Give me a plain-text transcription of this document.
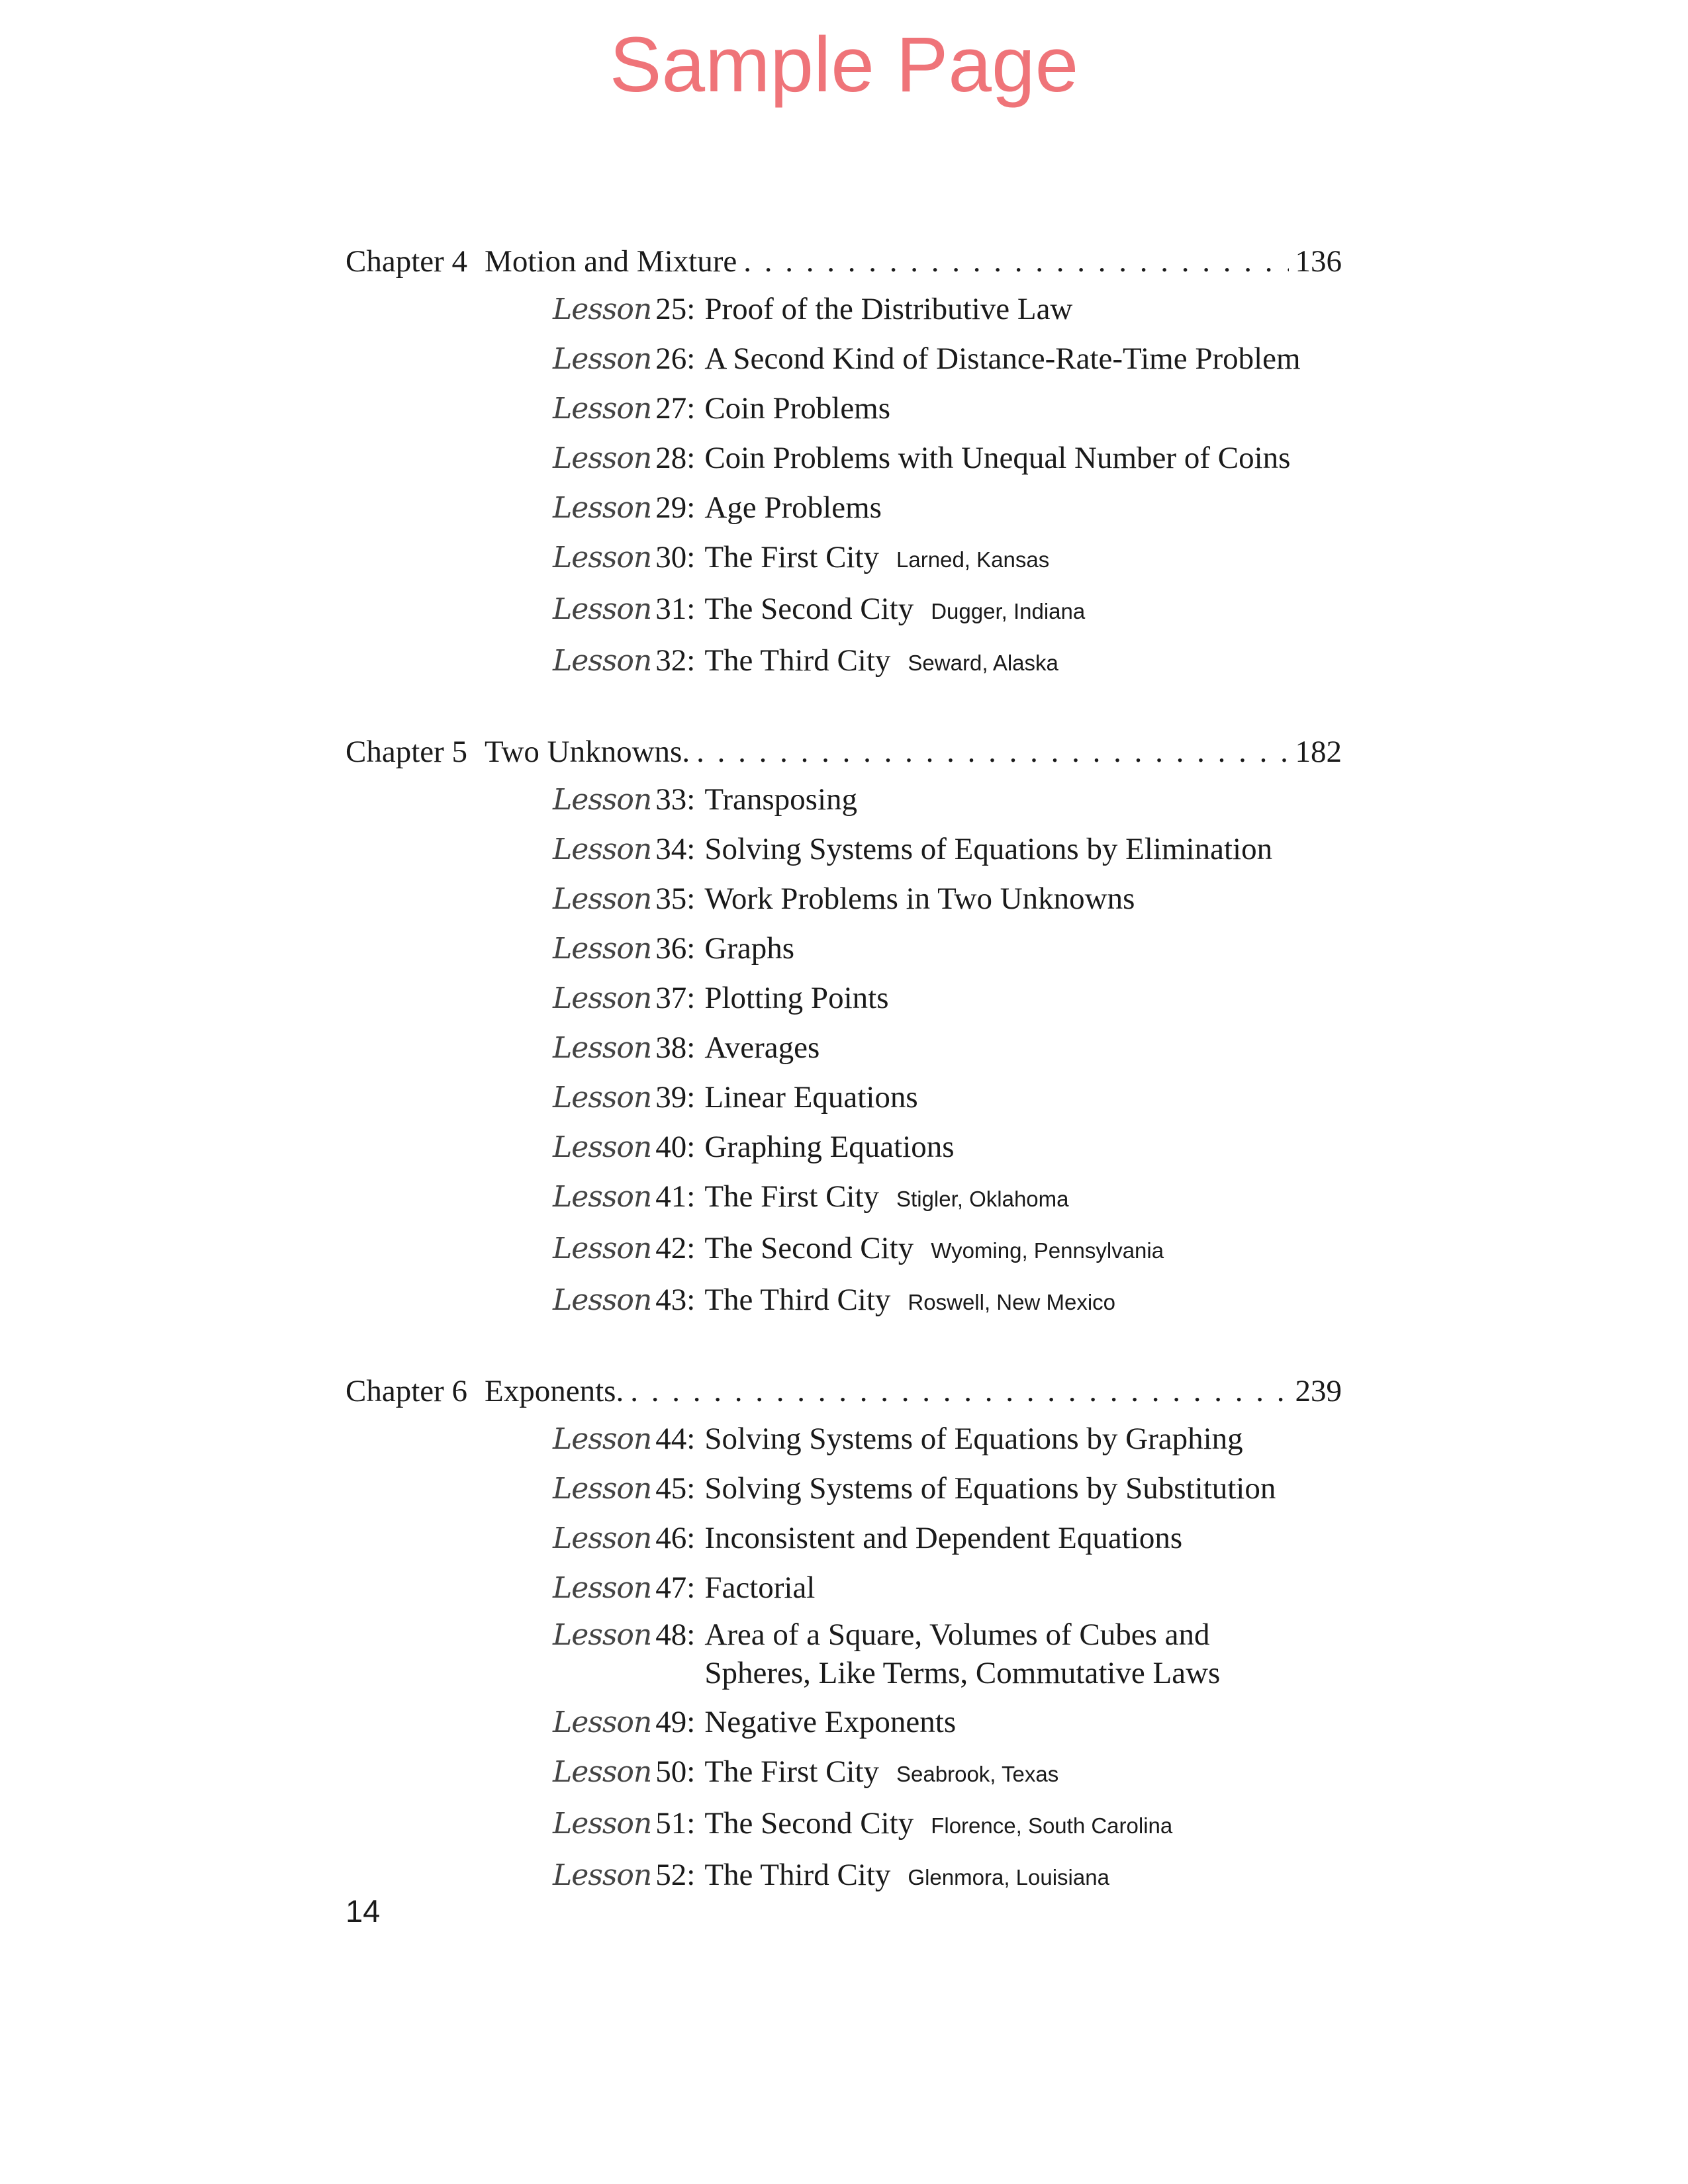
Sample Page
Chapter 4 Motion and Mixture . . .	136
Lesson 25 : Proof of the Distributive Law
Lesson 26 : A Second Kind of Distance-Rate-Time Problem
Lesson 27 : Coin Problems
Lesson 28 : Coin Problems with Unequal Number of Coins
Lesson 29 : Age Problems
Lesson 30 : The First City Larned, Kansas
Lesson 31 : The Second City Dugger, Indiana
Lesson 32 : The Third City Seward, Alaska
Chapter 5 Two Unknowns. . . .	182
Lesson 33 : Transposing
Lesson 34 : Solving Systems of Equations by Elimination
Lesson 35 : Work Problems in Two Unknowns
Lesson 36 : Graphs
Lesson 37 : Plotting Points
Lesson 38 : Averages
Lesson 39 : Linear Equations
Lesson 40 : Graphing Equations
Lesson 41 : The First City Stigler, Oklahoma
Lesson 42 : The Second City Wyoming, Pennsylvania
Lesson 43 : The Third City Roswell, New Mexico
Chapter 6 Exponents. . . .	239
Lesson 44 : Solving Systems of Equations by Graphing
Lesson 45 : Solving Systems of Equations by Substitution
Lesson 46 : Inconsistent and Dependent Equations
Lesson 47 : Factorial
Lesson 48 : Area of a Square, Volumes of Cubes and
Spheres, Like Terms, Commutative Laws
Lesson 49 : Negative Exponents
Lesson 50 : The First City Seabrook, Texas
Lesson 51 : The Second City Florence, South Carolina
Lesson 52 : The Third City Glenmora, Louisiana
14
